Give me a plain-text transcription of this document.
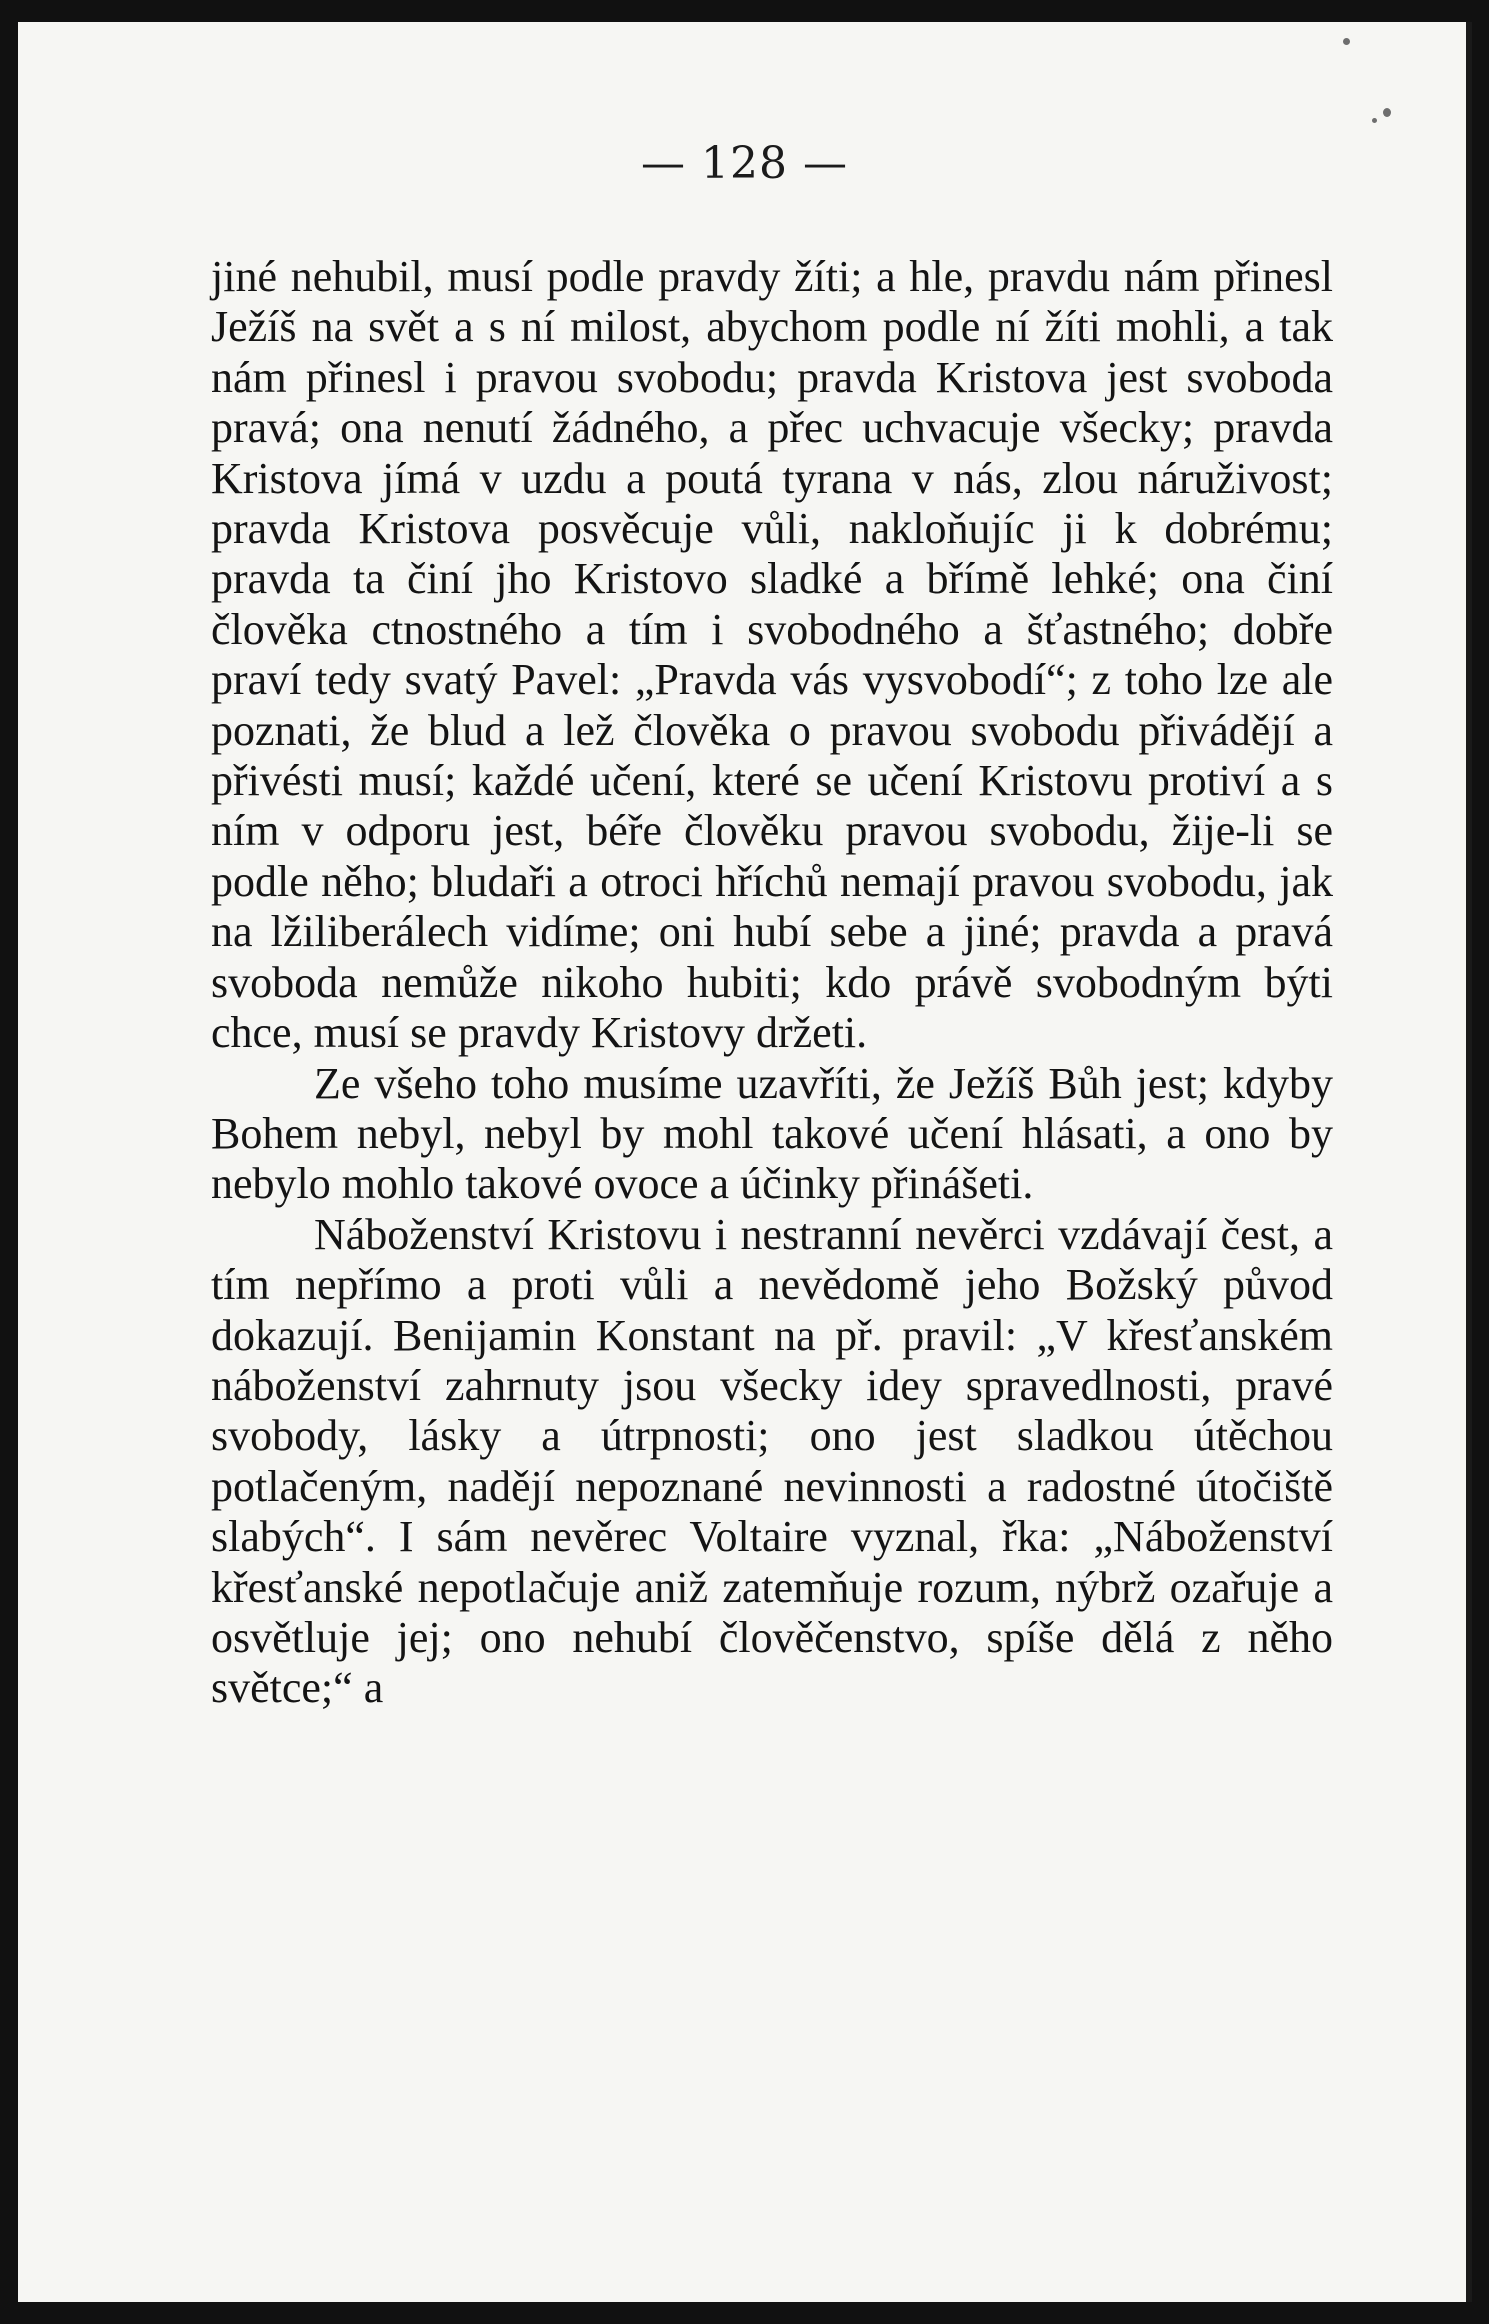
— 128 —

jiné nehubil, musí podle pravdy žíti; a hle, pravdu nám přinesl Ježíš na svět a s ní milost, abychom podle ní žíti mohli, a tak nám přinesl i pravou svobodu; pravda Kristova jest svoboda pravá; ona nenutí žádného, a přec uchvacuje všecky; pravda Kristova jímá v uzdu a poutá tyrana v nás, zlou náruživost; pravda Kristova posvěcuje vůli, nakloňujíc ji k dobrému; pravda ta činí jho Kristovo sladké a břímě lehké; ona činí člověka ctnostného a tím i svobodného a šťastného; dobře praví tedy svatý Pavel: „Pravda vás vysvobodí“; z toho lze ale poznati, že blud a lež člověka o pravou svobodu přivádějí a přivésti musí; každé učení, které se učení Kristovu protiví a s ním v odporu jest, béře člověku pravou svobodu, žije-li se podle něho; bludaři a otroci hříchů nemají pravou svobodu, jak na lžiliberálech vidíme; oni hubí sebe a jiné; pravda a pravá svoboda nemůže nikoho hubiti; kdo právě svobodným býti chce, musí se pravdy Kristovy držeti.

Ze všeho toho musíme uzavříti, že Ježíš Bůh jest; kdyby Bohem nebyl, nebyl by mohl takové učení hlásati, a ono by nebylo mohlo takové ovoce a účinky přinášeti.

Náboženství Kristovu i nestranní nevěrci vzdávají čest, a tím nepřímo a proti vůli a nevědomě jeho Božský původ dokazují. Benijamin Konstant na př. pravil: „V křesťanském náboženství zahrnuty jsou všecky idey spravedlnosti, pravé svobody, lásky a útrpnosti; ono jest sladkou útěchou potlačeným, nadějí nepoznané nevinnosti a radostné útočiště slabých“. I sám nevěrec Voltaire vyznal, řka: „Náboženství křesťanské nepotlačuje aniž zatemňuje rozum, nýbrž ozařuje a osvětluje jej; ono nehubí člověčenstvo, spíše dělá z něho světce;“ a
